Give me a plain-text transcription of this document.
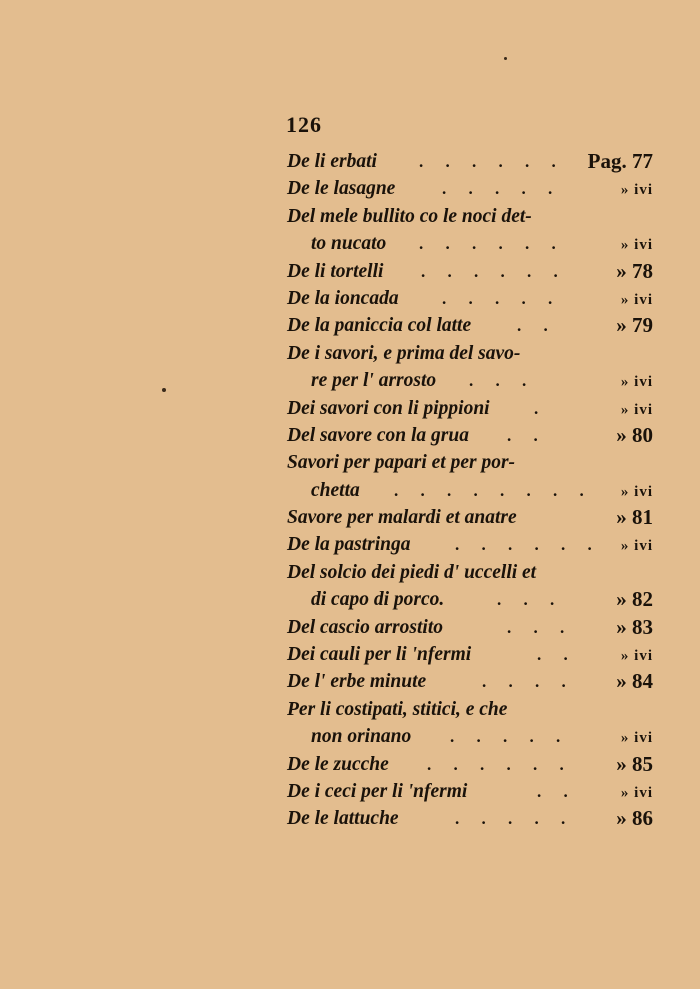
126
De li erbati . . . . . . Pag. 77
De le lasagne	. . . . .	» ivi
Del mele bullito co le noci det-
to nucato . . . . . .	» ivi
De li tortelli . . . . . . » 78
De la ioncada	. . . . .	» ivi
De la paniccia col latte	. .	» 79
De i savori, e prima del savo-
re per l' arrosto . . .	» ivi
Dei savori con li pippioni	.	» ivi
Del savore con la grua . .	» 80
Savori per papari et per por-
chetta . . . . . . . . » ivi
Savore per malardi et anatre	» 81
De la pastringa	. . . . . . » ivi
Del solcio dei piedi d' uccelli et
di capo di porco.	. . .	» 82
Del cascio arrostito	. . . » 83
Dei cauli per li 'nfermi	. .	» ivi
De l' erbe minute	. . . . » 84
Per li costipati, stitici, e che
non orinano . . . . .	» ivi
De le zucche . . . . . . » 85
De i ceci per li 'nfermi	. .	» ivi
De le lattuche	. . . . . » 86
